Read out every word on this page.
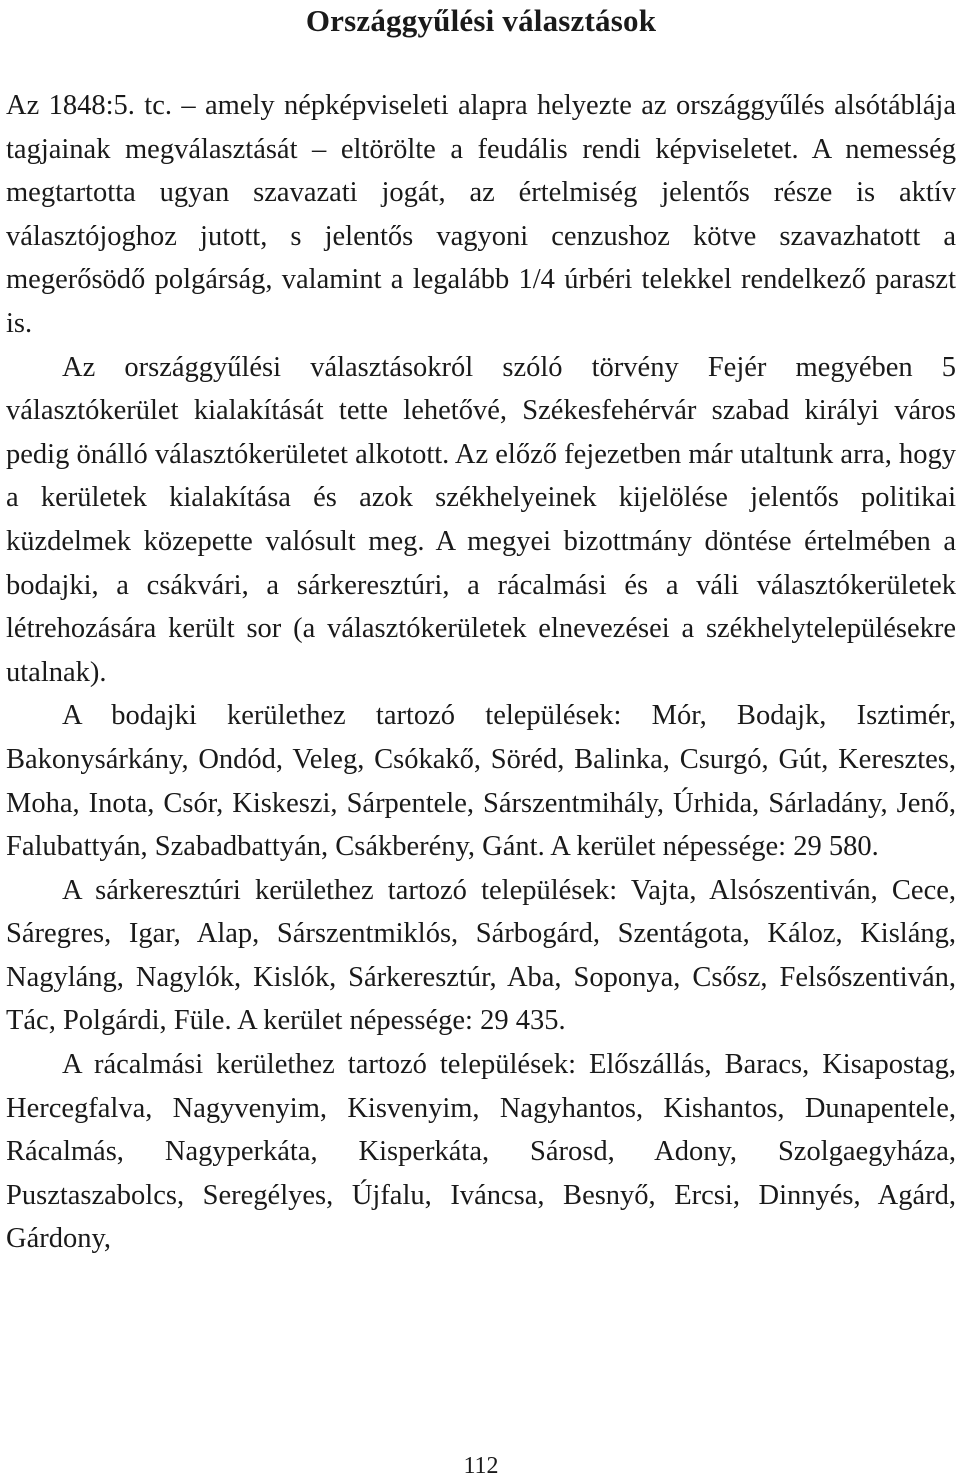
Országgyűlési választások

Az 1848:5. tc. – amely népképviseleti alapra helyezte az országgyűlés alsótáblája tagjainak megválasztását – eltörölte a feudális rendi képviseletet. A nemesség megtartotta ugyan szavazati jogát, az értelmiség jelentős része is aktív választójoghoz jutott, s jelentős vagyoni cenzushoz kötve szavazhatott a megerősödő polgárság, valamint a legalább 1/4 úrbéri telekkel rendelkező paraszt is.

Az országgyűlési választásokról szóló törvény Fejér megyében 5 választókerület kialakítását tette lehetővé, Székesfehérvár szabad királyi város pedig önálló választókerületet alkotott. Az előző fejezetben már utaltunk arra, hogy a kerületek kialakítása és azok székhelyeinek kijelölése jelentős politikai küzdelmek közepette valósult meg. A megyei bizottmány döntése értelmében a bodajki, a csákvári, a sárkeresztúri, a rácalmási és a váli választókerületek létrehozására került sor (a választókerületek elnevezései a székhelytelepülésekre utalnak).

A bodajki kerülethez tartozó települések: Mór, Bodajk, Isztimér, Bakonysárkány, Ondód, Veleg, Csókakő, Söréd, Balinka, Csurgó, Gút, Keresztes, Moha, Inota, Csór, Kiskeszi, Sárpentele, Sárszentmihály, Úrhida, Sárladány, Jenő, Falubattyán, Szabadbattyán, Csákberény, Gánt. A kerület népessége: 29 580.

A sárkeresztúri kerülethez tartozó települések: Vajta, Alsószentiván, Cece, Sáregres, Igar, Alap, Sárszentmiklós, Sárbogárd, Szentágota, Káloz, Kisláng, Nagyláng, Nagylók, Kislók, Sárkeresztúr, Aba, Soponya, Csősz, Felsőszentiván, Tác, Polgárdi, Füle. A kerület népessége: 29 435.

A rácalmási kerülethez tartozó települések: Előszállás, Baracs, Kisapostag, Hercegfalva, Nagyvenyim, Kisvenyim, Nagyhantos, Kishantos, Dunapentele, Rácalmás, Nagyperkáta, Kisperkáta, Sárosd, Adony, Szolgaegyháza, Pusztaszabolcs, Seregélyes, Újfalu, Iváncsa, Besnyő, Ercsi, Dinnyés, Agárd, Gárdony,

112
